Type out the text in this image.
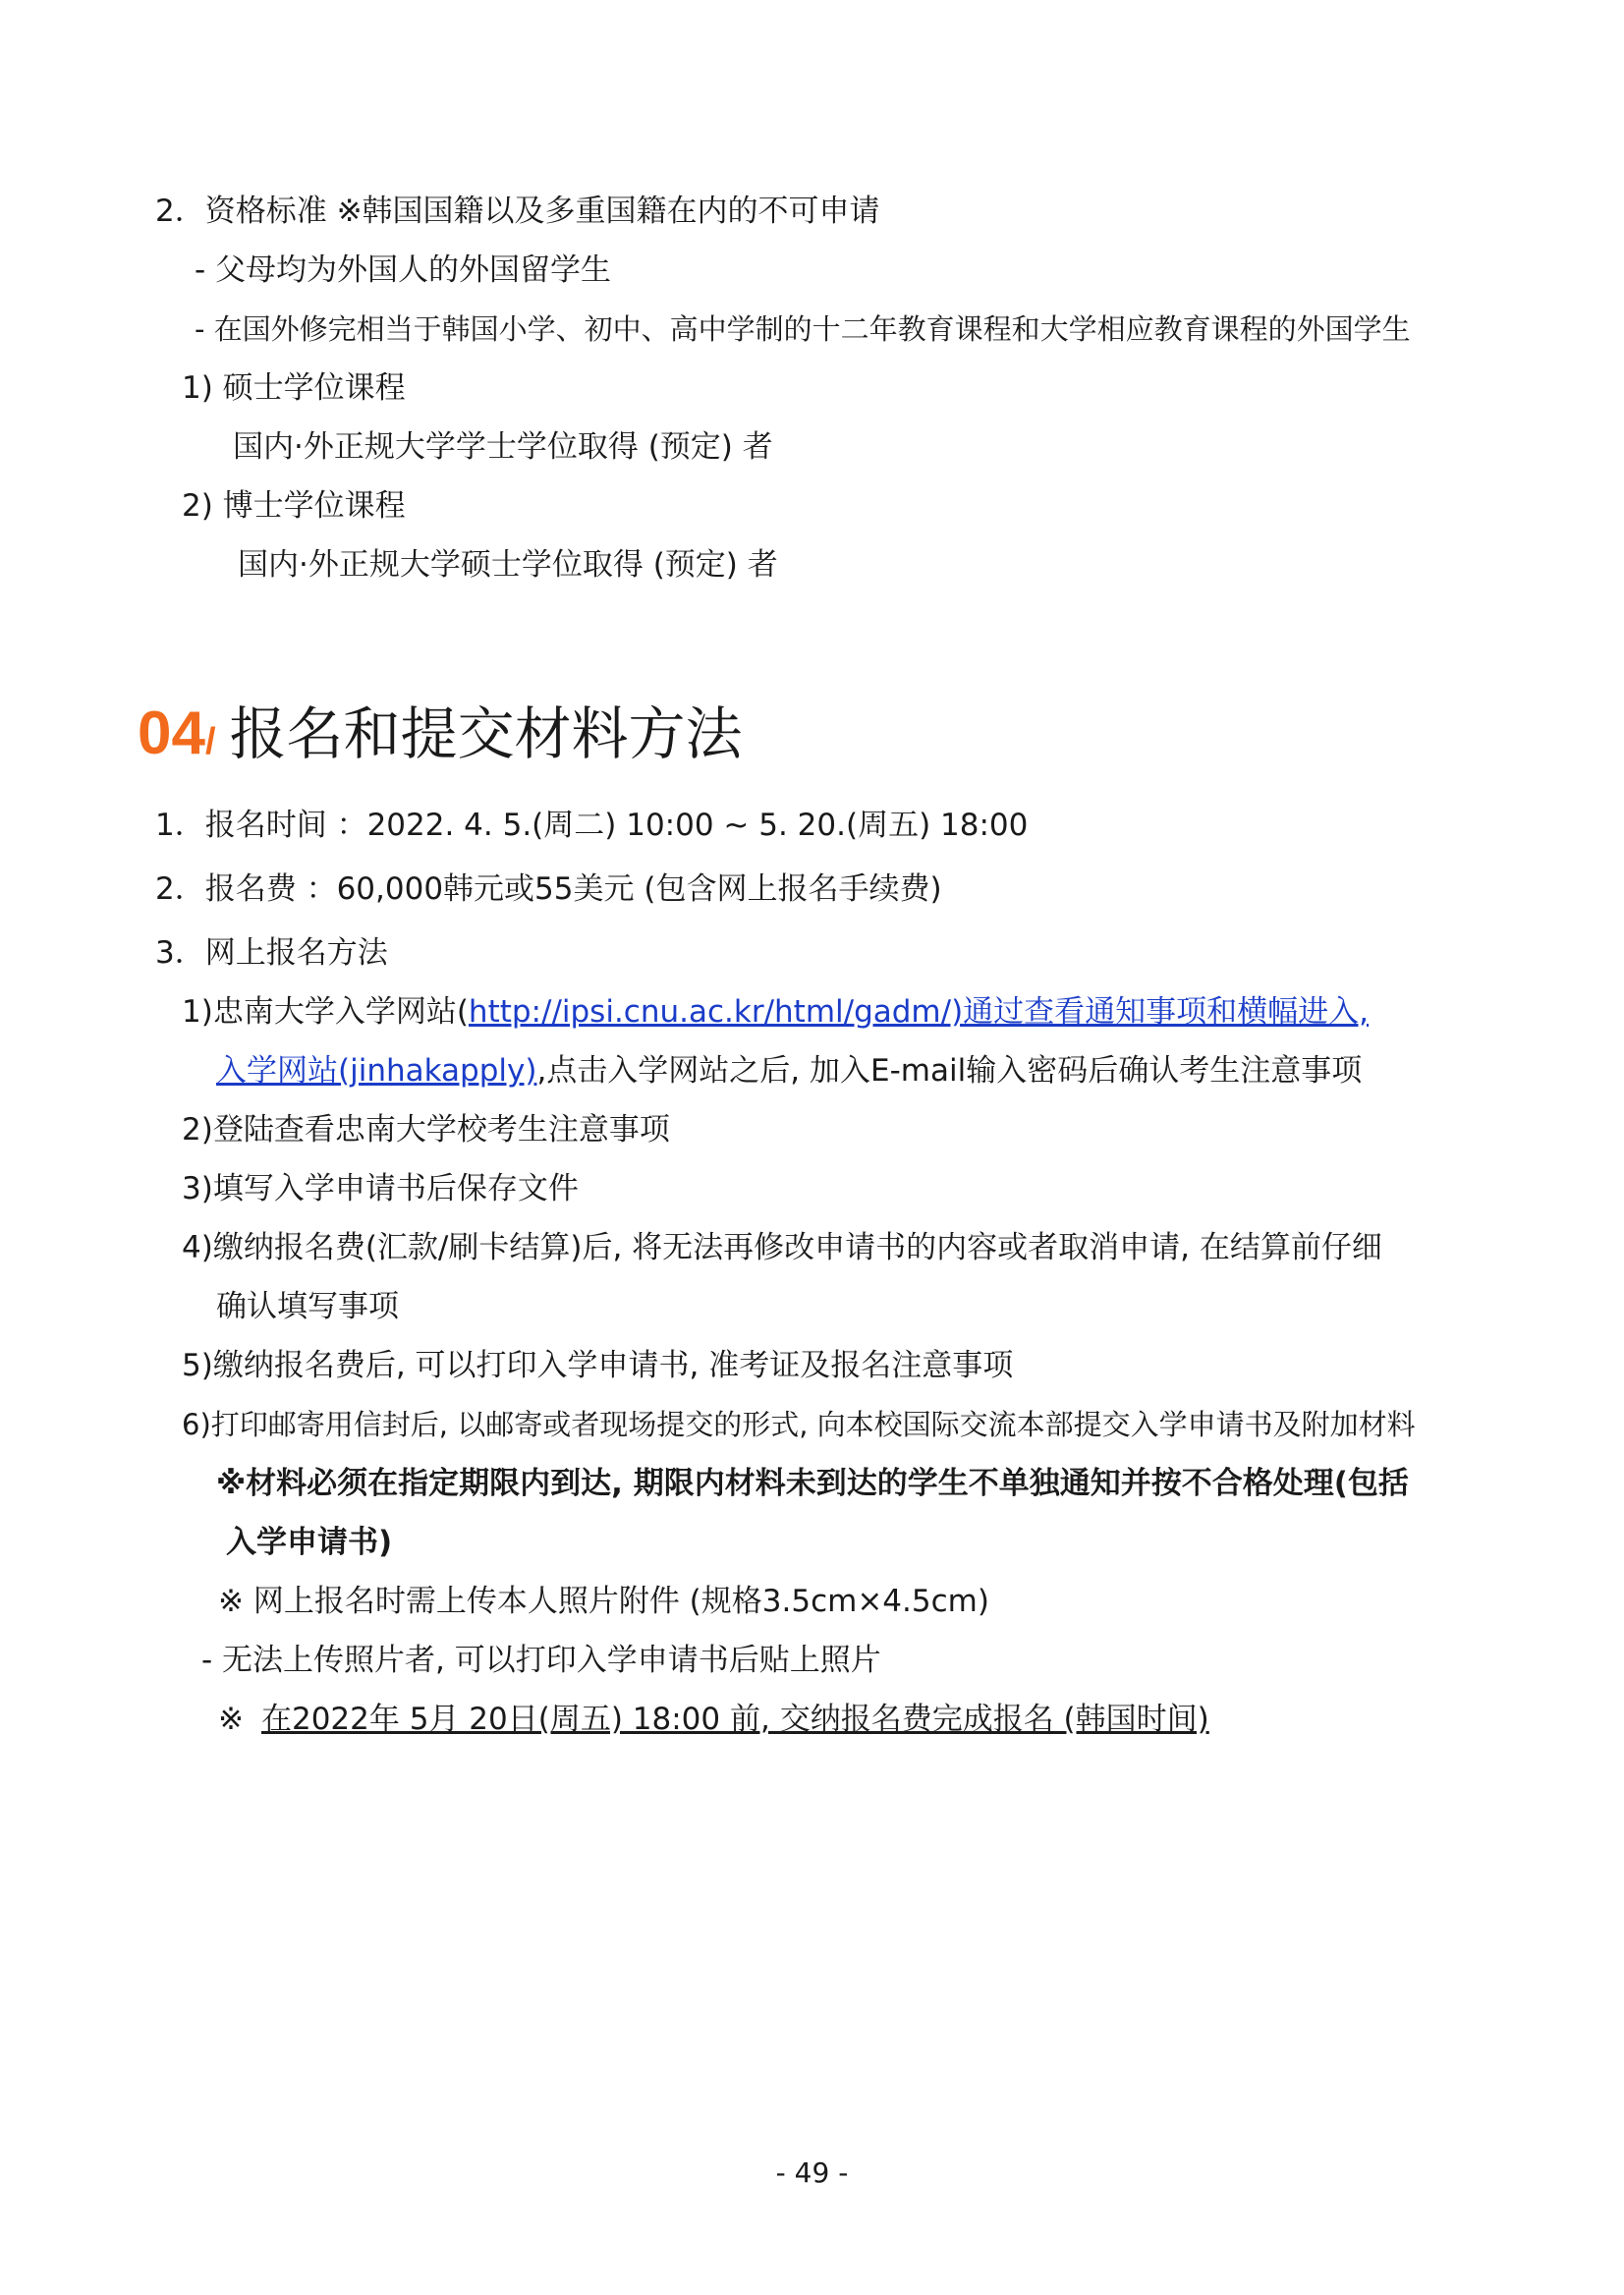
2．资格标准 ※韩国国籍以及多重国籍在内的不可申请
- 父母均为外国人的外国留学生
- 在国外修完相当于韩国小学、初中、高中学制的十二年教育课程和大学相应教育课程的外国学生
1) 硕士学位课程
国内·外正规大学学士学位取得 (预定) 者
2) 博士学位课程
国内·外正规大学硕士学位取得 (预定) 者
04/ 报名和提交材料方法
1．报名时间 ：2022. 4. 5.(周二) 10:00 ~ 5. 20.(周五) 18:00
2．报名费 ：60,000韩元或55美元 (包含网上报名手续费)
3．网上报名方法
1)忠南大学入学网站(http://ipsi.cnu.ac.kr/html/gadm/)通过查看通知事项和横幅进入,
入学网站(jinhakapply),点击入学网站之后, 加入E-mail输入密码后确认考生注意事项
2)登陆查看忠南大学校考生注意事项
3)填写入学申请书后保存文件
4)缴纳报名费(汇款/刷卡结算)后, 将无法再修改申请书的内容或者取消申请, 在结算前仔细
确认填写事项
5)缴纳报名费后, 可以打印入学申请书, 准考证及报名注意事项
6)打印邮寄用信封后, 以邮寄或者现场提交的形式, 向本校国际交流本部提交入学申请书及附加材料
※材料必须在指定期限内到达, 期限内材料未到达的学生不单独通知并按不合格处理(包括
入学申请书)
※ 网上报名时需上传本人照片附件 (规格3.5cm×4.5cm)
- 无法上传照片者, 可以打印入学申请书后贴上照片
※ 在2022年 5月 20日(周五) 18:00 前, 交纳报名费完成报名 (韩国时间)
- 49 -
